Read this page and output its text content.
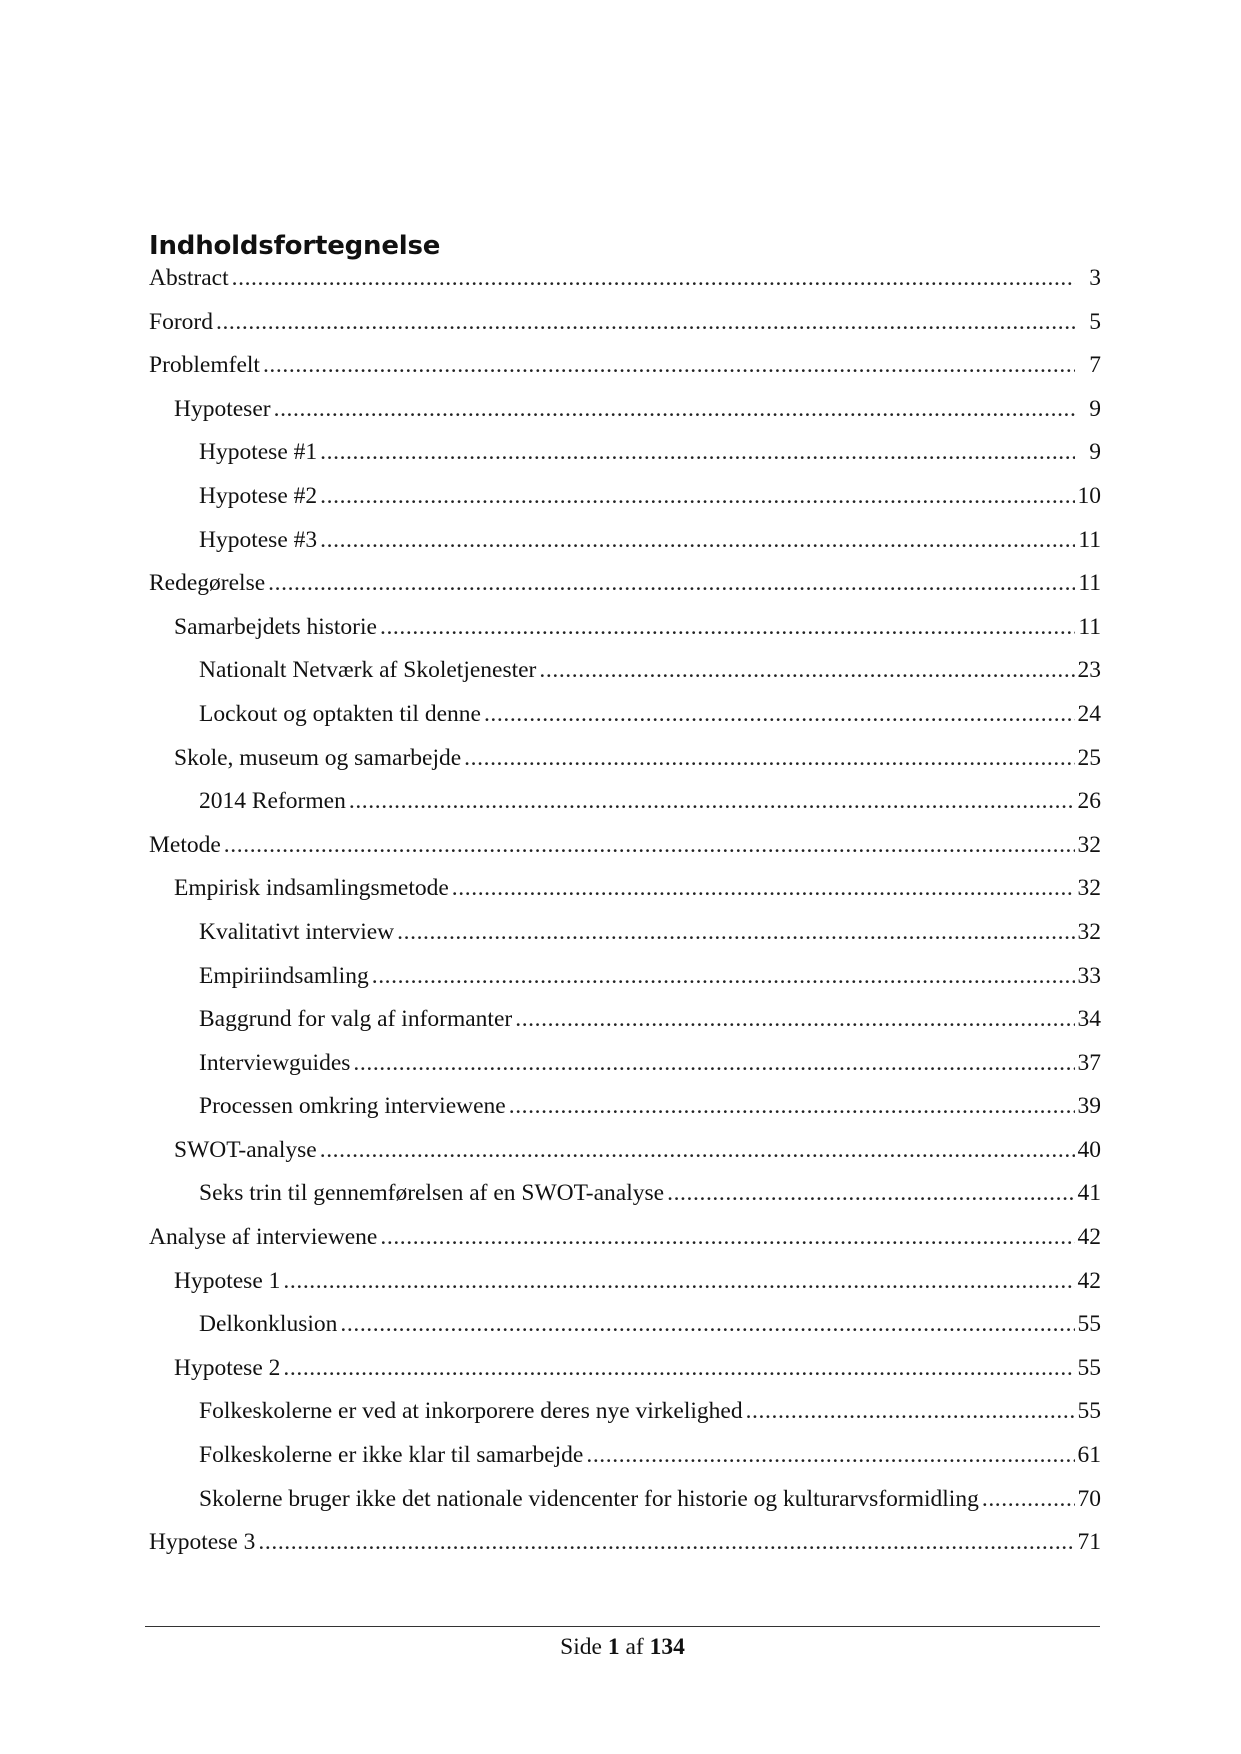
Indholdsfortegnelse
Abstract .....	3
Forord .....	5
Problemfelt .....	7
Hypoteser .....	9
Hypotese #1 .....	9
Hypotese #2 .....	10
Hypotese #3 .....	11
Redegørelse .....	11
Samarbejdets historie .....	11
Nationalt Netværk af Skoletjenester .....	23
Lockout og optakten til denne .....	24
Skole, museum og samarbejde .....	25
2014 Reformen .....	26
Metode .....	32
Empirisk indsamlingsmetode .....	32
Kvalitativt interview .....	32
Empiriindsamling .....	33
Baggrund for valg af informanter .....	34
Interviewguides .....	37
Processen omkring interviewene .....	39
SWOT-analyse .....	40
Seks trin til gennemførelsen af en SWOT-analyse .....	41
Analyse af interviewene .....	42
Hypotese 1 .....	42
Delkonklusion .....	55
Hypotese 2 .....	55
Folkeskolerne er ved at inkorporere deres nye virkelighed .....	55
Folkeskolerne er ikke klar til samarbejde .....	61
Skolerne bruger ikke det nationale videncenter for historie og kulturarvsformidling .....	70
Hypotese 3 .....	71
Side 1 af 134
